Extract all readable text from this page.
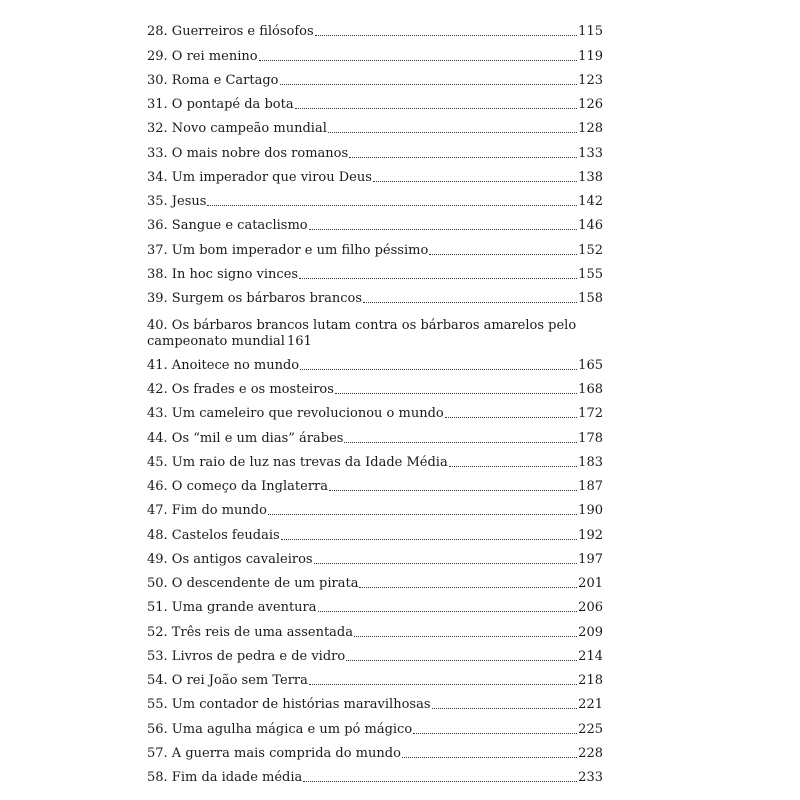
28. Guerreiros e filósofos	115
29. O rei menino	119
30. Roma e Cartago	123
31. O pontapé da bota	126
32. Novo campeão mundial	128
33. O mais nobre dos romanos	133
34. Um imperador que virou Deus	138
35. Jesus	142
36. Sangue e cataclismo	146
37. Um bom imperador e um filho péssimo	152
38. In hoc signo vinces	155
39. Surgem os bárbaros brancos	158
40. Os bárbaros brancos lutam contra os bárbaros amarelos pelo
campeonato mundial 161
41. Anoitece no mundo	165
42. Os frades e os mosteiros	168
43. Um cameleiro que revolucionou o mundo	172
44. Os “mil e um dias” árabes	178
45. Um raio de luz nas trevas da Idade Média	183
46. O começo da Inglaterra	187
47. Fim do mundo	190
48. Castelos feudais	192
49. Os antigos cavaleiros	197
50. O descendente de um pirata	201
51. Uma grande aventura	206
52. Três reis de uma assentada	209
53. Livros de pedra e de vidro	214
54. O rei João sem Terra	218
55. Um contador de histórias maravilhosas	221
56. Uma agulha mágica e um pó mágico	225
57. A guerra mais comprida do mundo	228
58. Fim da idade média	233
